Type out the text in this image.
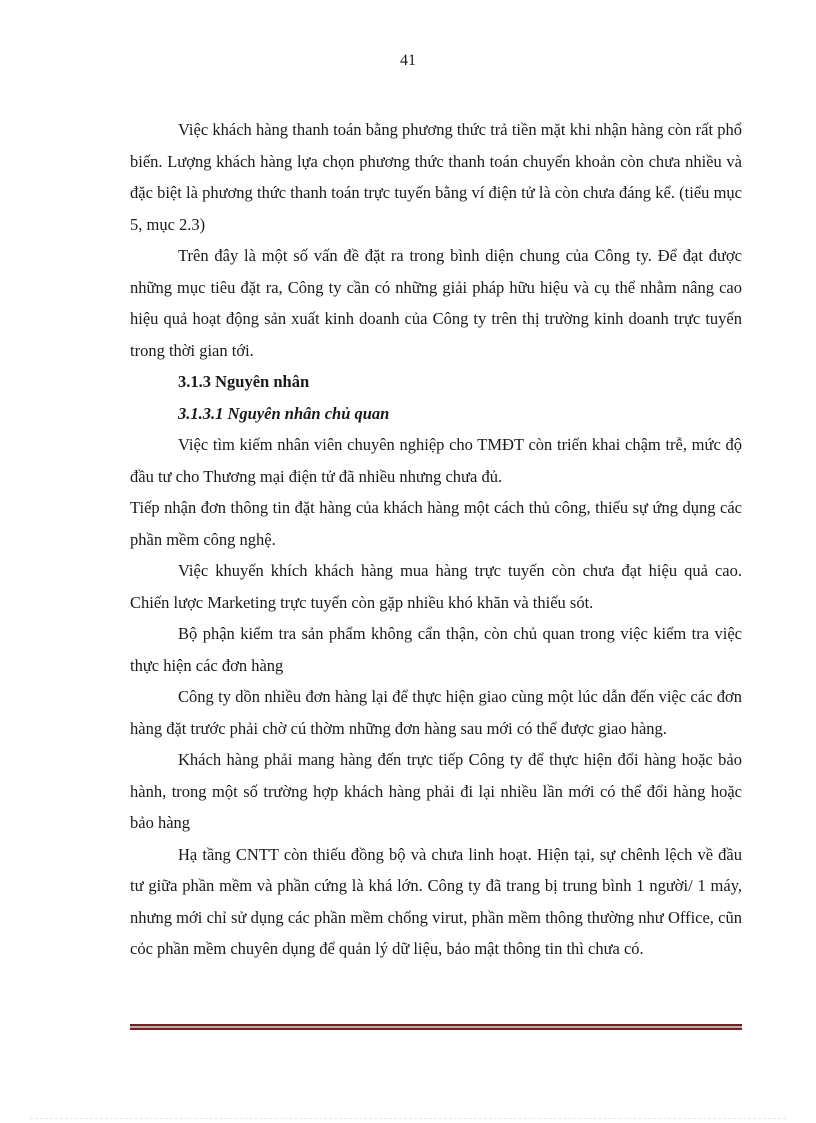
41

Việc khách hàng thanh toán bằng phương thức trả tiền mặt khi nhận hàng còn rất phổ biến. Lượng khách hàng lựa chọn phương thức thanh toán chuyển khoản còn chưa nhiều và đặc biệt là phương thức thanh toán trực tuyến bằng ví điện tử là còn chưa đáng kể. (tiểu mục 5, mục 2.3)

Trên đây là một số vấn đề đặt ra trong bình diện chung của Công ty. Để đạt được những mục tiêu đặt ra, Công ty cần có những giải pháp hữu hiệu và cụ thể nhằm nâng cao hiệu quả hoạt động sản xuất kinh doanh của Công ty trên thị trường kinh doanh trực tuyến trong thời gian tới.

3.1.3 Nguyên nhân

3.1.3.1 Nguyên nhân chủ quan

Việc tìm kiếm nhân viên chuyên nghiệp cho TMĐT còn triển khai chậm trễ, mức độ đầu tư cho Thương mại điện tử đã nhiều nhưng chưa đủ.

Tiếp nhận đơn thông tin đặt hàng của khách hàng một cách thủ công, thiếu sự ứng dụng các phần mềm công nghệ.

Việc khuyến khích khách hàng mua hàng trực tuyến còn chưa đạt hiệu quả cao. Chiến lược Marketing trực tuyến còn gặp nhiều khó khăn và thiếu sót.

Bộ phận kiểm tra sản phẩm không cẩn thận, còn chủ quan trong việc kiểm tra việc thực hiện các đơn hàng

Công ty dồn nhiều đơn hàng lại để thực hiện giao cùng một lúc dẫn đến việc các đơn hàng đặt trước phải chờ cú thờm những đơn hàng sau mới có thể được giao hàng.

Khách hàng phải mang hàng đến trực tiếp Công ty để thực hiện đổi hàng hoặc bảo hành, trong một số trường hợp khách hàng phải đi lại nhiều lần mới có thể đổi hàng hoặc bảo hàng

Hạ tầng CNTT còn thiếu đồng bộ và chưa linh hoạt. Hiện tại, sự chênh lệch về đầu tư giữa phần mềm và phần cứng là khá lớn. Công ty đã trang bị trung bình 1 người/ 1 máy, nhưng mới chỉ sử dụng các phần mềm chống virut, phần mềm thông thường như Office, cũn cỏc phần mềm chuyên dụng để quản lý dữ liệu, bảo mật thông tin thì chưa có.
